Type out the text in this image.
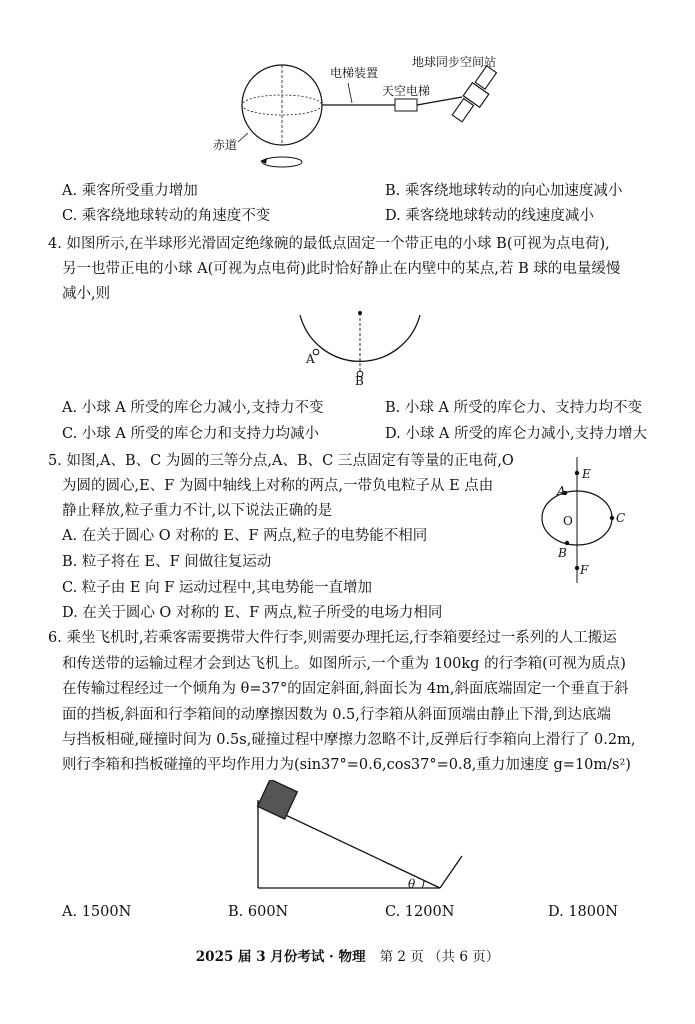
电梯装置
地球同步空间站
天空电梯
赤道
A. 乘客所受重力增加	B. 乘客绕地球转动的向心加速度减小
C. 乘客绕地球转动的角速度不变	D. 乘客绕地球转动的线速度减小
4. 如图所示,在半球形光滑固定绝缘碗的最低点固定一个带正电的小球 B(可视为点电荷),
另一也带正电的小球 A(可视为点电荷)此时恰好静止在内壁中的某点,若 B 球的电量缓慢
减小,则
A
B
A. 小球 A 所受的库仑力减小,支持力不变	B. 小球 A 所受的库仑力、支持力均不变
C. 小球 A 所受的库仑力和支持力均减小	D. 小球 A 所受的库仑力减小,支持力增大
5. 如图,A、B、C 为圆的三等分点,A、B、C 三点固定有等量的正电荷,O
为圆的圆心,E、F 为圆中轴线上对称的两点,一带负电粒子从 E 点由
静止释放,粒子重力不计,以下说法正确的是
A. 在关于圆心 O 对称的 E、F 两点,粒子的电势能不相同
B. 粒子将在 E、F 间做往复运动
C. 粒子由 E 向 F 运动过程中,其电势能一直增加
D. 在关于圆心 O 对称的 E、F 两点,粒子所受的电场力相同
E
A
O	C
B
F
6. 乘坐飞机时,若乘客需要携带大件行李,则需要办理托运,行李箱要经过一系列的人工搬运
和传送带的运输过程才会到达飞机上。如图所示,一个重为 100kg 的行李箱(可视为质点)
在传输过程经过一个倾角为 θ=37°的固定斜面,斜面长为 4m,斜面底端固定一个垂直于斜
面的挡板,斜面和行李箱间的动摩擦因数为 0.5,行李箱从斜面顶端由静止下滑,到达底端
与挡板相碰,碰撞时间为 0.5s,碰撞过程中摩擦力忽略不计,反弹后行李箱向上滑行了 0.2m,
则行李箱和挡板碰撞的平均作用力为(sin37°=0.6,cos37°=0.8,重力加速度 g=10m/s²)
θ
A. 1500N	B. 600N	C. 1200N	D. 1800N
2025 届 3 月份考试 · 物理 第 2 页 （共 6 页）
